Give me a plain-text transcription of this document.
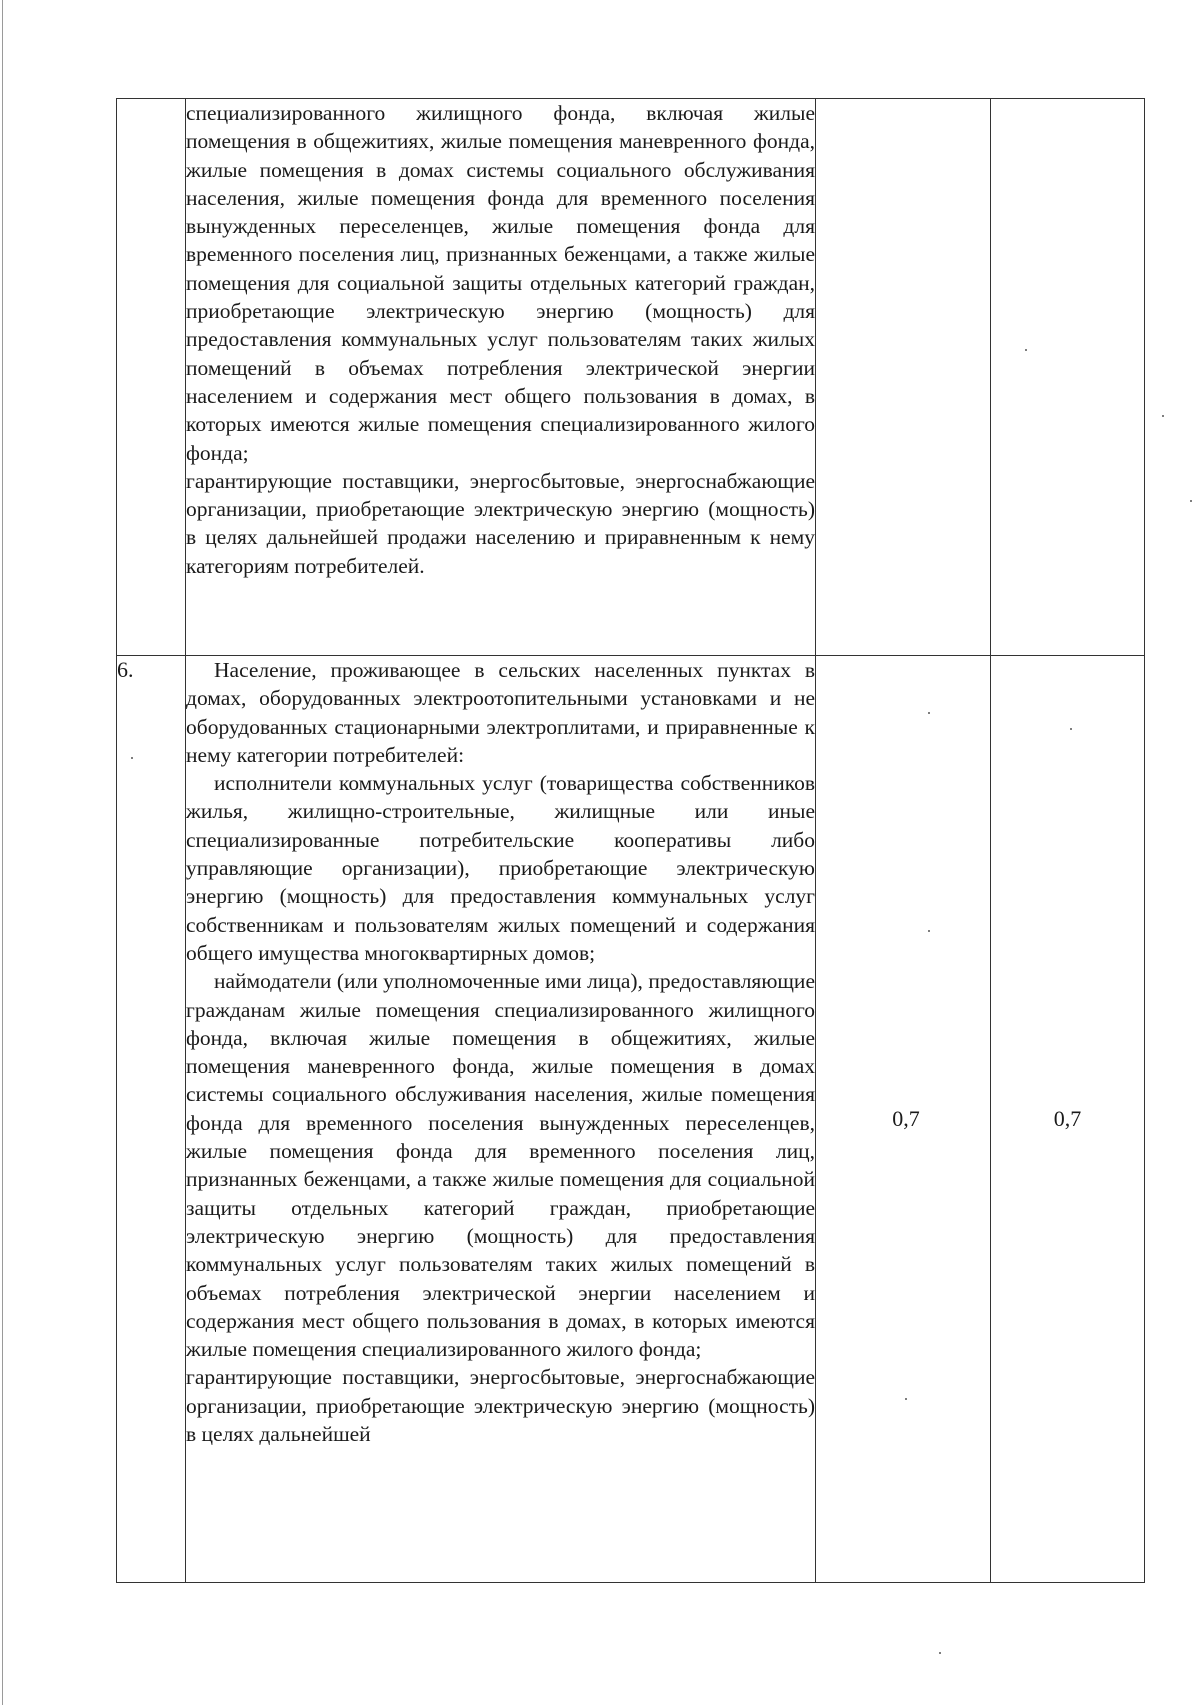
	специализированного жилищного фонда, включая жилые помещения в общежитиях, жилые помещения маневренного фонда, жилые помещения в домах системы социального обслуживания населения, жилые помещения фонда для временного поселения вынужденных переселенцев, жилые помещения фонда для временного поселения лиц, признанных беженцами, а также жилые помещения для социальной защиты отдельных категорий граждан, приобретающие электрическую энергию (мощность) для предоставления коммунальных услуг пользователям таких жилых помещений в объемах потребления электрической энергии населением и содержания мест общего пользования в домах, в которых имеются жилые помещения специализированного жилого фонда;

гарантирующие поставщики, энергосбытовые, энергоснабжающие организации, приобретающие электрическую энергию (мощность) в целях дальнейшей продажи населению и приравненным к нему категориям потребителей.		

6.	Население, проживающее в сельских населенных пунктах в домах, оборудованных электроотопительными установками и не оборудованных стационарными электроплитами, и приравненные к нему категории потребителей:

исполнители коммунальных услуг (товарищества собственников жилья, жилищно-строительные, жилищные или иные специализированные потребительские кооперативы либо управляющие организации), приобретающие электрическую энергию (мощность) для предоставления коммунальных услуг собственникам и пользователям жилых помещений и содержания общего имущества многоквартирных домов;

наймодатели (или уполномоченные ими лица), предоставляющие гражданам жилые помещения специализированного жилищного фонда, включая жилые помещения в общежитиях, жилые помещения маневренного фонда, жилые помещения в домах системы социального обслуживания населения, жилые помещения фонда для временного поселения вынужденных переселенцев, жилые помещения фонда для временного поселения лиц, признанных беженцами, а также жилые помещения для социальной защиты отдельных категорий граждан, приобретающие электрическую энергию (мощность) для предоставления коммунальных услуг пользователям таких жилых помещений в объемах потребления электрической энергии населением и содержания мест общего пользования в домах, в которых имеются жилые помещения специализированного жилого фонда;

гарантирующие поставщики, энергосбытовые, энергоснабжающие организации, приобретающие электрическую энергию (мощность) в целях дальнейшей	0,7	0,7
